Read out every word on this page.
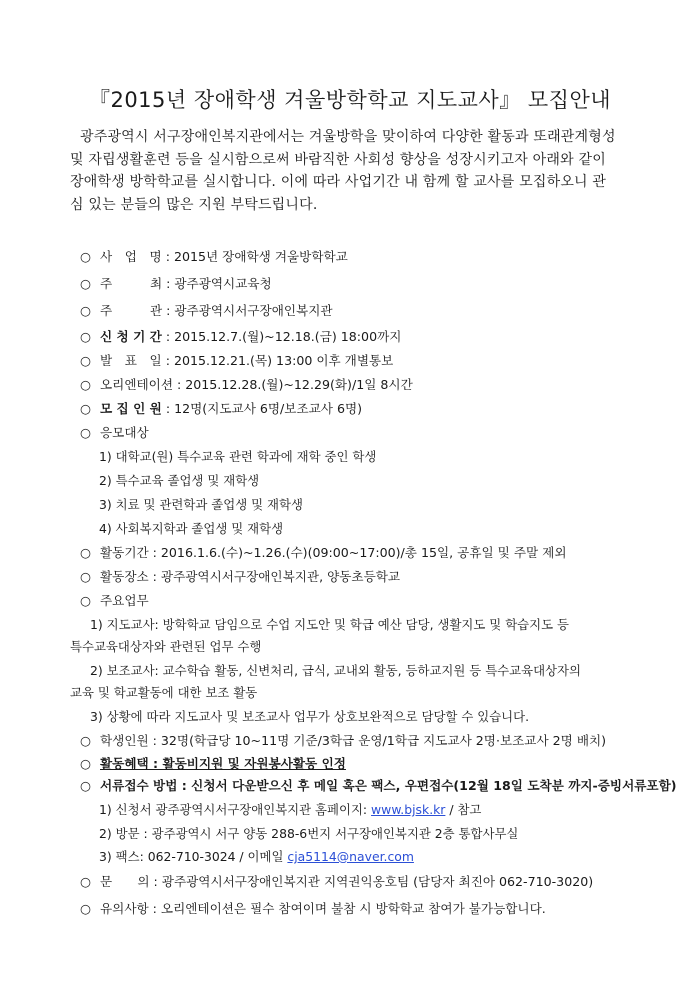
『2015년 장애학생 겨울방학학교 지도교사』 모집안내
광주광역시 서구장애인복지관에서는 겨울방학을 맞이하여 다양한 활동과 또래관계형성
및 자립생활훈련 등을 실시함으로써 바람직한 사회성 향상을 성장시키고자 아래와 같이
장애학생 방학학교를 실시합니다. 이에 따라 사업기간 내 함께 할 교사를 모집하오니 관
심 있는 분들의 많은 지원 부탁드립니다.
○ 사　업　명 : 2015년 장애학생 겨울방학학교
○ 주　　　최 : 광주광역시교육청
○ 주　　　관 : 광주광역시서구장애인복지관
○ 신 청 기 간 : 2015.12.7.(월)~12.18.(금) 18:00까지
○ 발　표　일 : 2015.12.21.(목) 13:00 이후 개별통보
○ 오리엔테이션 : 2015.12.28.(월)~12.29(화)/1일 8시간
○ 모 집 인 원 : 12명(지도교사 6명/보조교사 6명)
○ 응모대상
1) 대학교(원) 특수교육 관련 학과에 재학 중인 학생
2) 특수교육 졸업생 및 재학생
3) 치료 및 관련학과 졸업생 및 재학생
4) 사회복지학과 졸업생 및 재학생
○ 활동기간 : 2016.1.6.(수)~1.26.(수)(09:00~17:00)/총 15일, 공휴일 및 주말 제외
○ 활동장소 : 광주광역시서구장애인복지관, 양동초등학교
○ 주요업무
1) 지도교사: 방학학교 담임으로 수업 지도안 및 학급 예산 담당, 생활지도 및 학습지도 등
특수교육대상자와 관련된 업무 수행
2) 보조교사: 교수학습 활동, 신변처리, 급식, 교내외 활동, 등하교지원 등 특수교육대상자의
교육 및 학교활동에 대한 보조 활동
3) 상황에 따라 지도교사 및 보조교사 업무가 상호보완적으로 담당할 수 있습니다.
○ 학생인원 : 32명(학급당 10~11명 기준/3학급 운영/1학급 지도교사 2명·보조교사 2명 배치)
○ 활동혜택 : 활동비지원 및 자원봉사활동 인정
○ 서류접수 방법 : 신청서 다운받으신 후 메일 혹은 팩스, 우편접수(12월 18일 도착분 까지-증빙서류포함)
1) 신청서 광주광역시서구장애인복지관 홈페이지: www.bjsk.kr / 참고
2) 방문 : 광주광역시 서구 양동 288-6번지 서구장애인복지관 2층 통합사무실
3) 팩스: 062-710-3024 / 이메일 cja5114@naver.com
○ 문　　의 : 광주광역시서구장애인복지관 지역권익옹호팀 (담당자 최진아 062-710-3020)
○ 유의사항 : 오리엔테이션은 필수 참여이며 불참 시 방학학교 참여가 불가능합니다.
